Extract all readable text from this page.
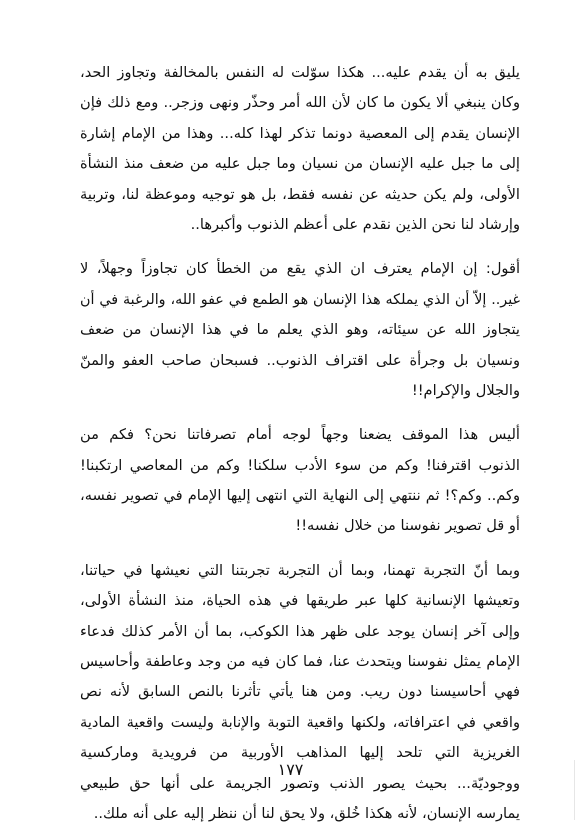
يليق به أن يقدم عليه... هكذا سوّلت له النفس بالمخالفة وتجاوز الحد،
وكان ينبغي ألا يكون ما كان لأن الله أمر وحذّر ونهى وزجر.. ومع ذلك فإن
الإنسان يقدم إلى المعصية دونما تذكر لهذا كله... وهذا من الإمام إشارة
إلى ما جبل عليه الإنسان من نسيان وما جبل عليه من ضعف منذ النشأة
الأولى، ولم يكن حديثه عن نفسه فقط، بل هو توجيه وموعظة لنا، وتربية
وإرشاد لنا نحن الذين نقدم على أعظم الذنوب وأكبرها..
أقول: إن الإمام يعترف ان الذي يقع من الخطأ كان تجاوزاً وجهلاً، لا
غير.. إلاّ أن الذي يملكه هذا الإنسان هو الطمع في عفو الله، والرغبة في أن
يتجاوز الله عن سيئاته، وهو الذي يعلم ما في هذا الإنسان من ضعف
ونسيان بل وجرأة على اقتراف الذنوب.. فسبحان صاحب العفو والمنّ
والجلال والإكرام!!
أليس هذا الموقف يضعنا وجهاً لوجه أمام تصرفاتنا نحن؟ فكم من
الذنوب اقترفنا! وكم من سوء الأدب سلكنا! وكم من المعاصي ارتكبنا!
وكم.. وكم؟! ثم ننتهي إلى النهاية التي انتهى إليها الإمام في تصوير نفسه،
أو قل تصوير نفوسنا من خلال نفسه!!
وبما أنّ التجربة تهمنا، وبما أن التجربة تجربتنا التي نعيشها في حياتنا،
وتعيشها الإنسانية كلها عبر طريقها في هذه الحياة، منذ النشأة الأولى،
وإلى آخر إنسان يوجد على ظهر هذا الكوكب، بما أن الأمر كذلك فدعاء
الإمام يمثل نفوسنا ويتحدث عنا، فما كان فيه من وجد وعاطفة وأحاسيس
فهي أحاسيسنا دون ريب. ومن هنا يأتي تأثرنا بالنص السابق لأنه نص
واقعي في اعترافاته، ولكنها واقعية التوبة والإنابة وليست واقعية المادية
الغريزية التي تلحد إليها المذاهب الأوربية من فرويدية وماركسية
ووجوديّة... بحيث يصور الذنب وتصور الجريمة على أنها حق طبيعي
يمارسه الإنسان، لأنه هكذا خُلق، ولا يحق لنا أن ننظر إليه على أنه ملك..
١٧٧
